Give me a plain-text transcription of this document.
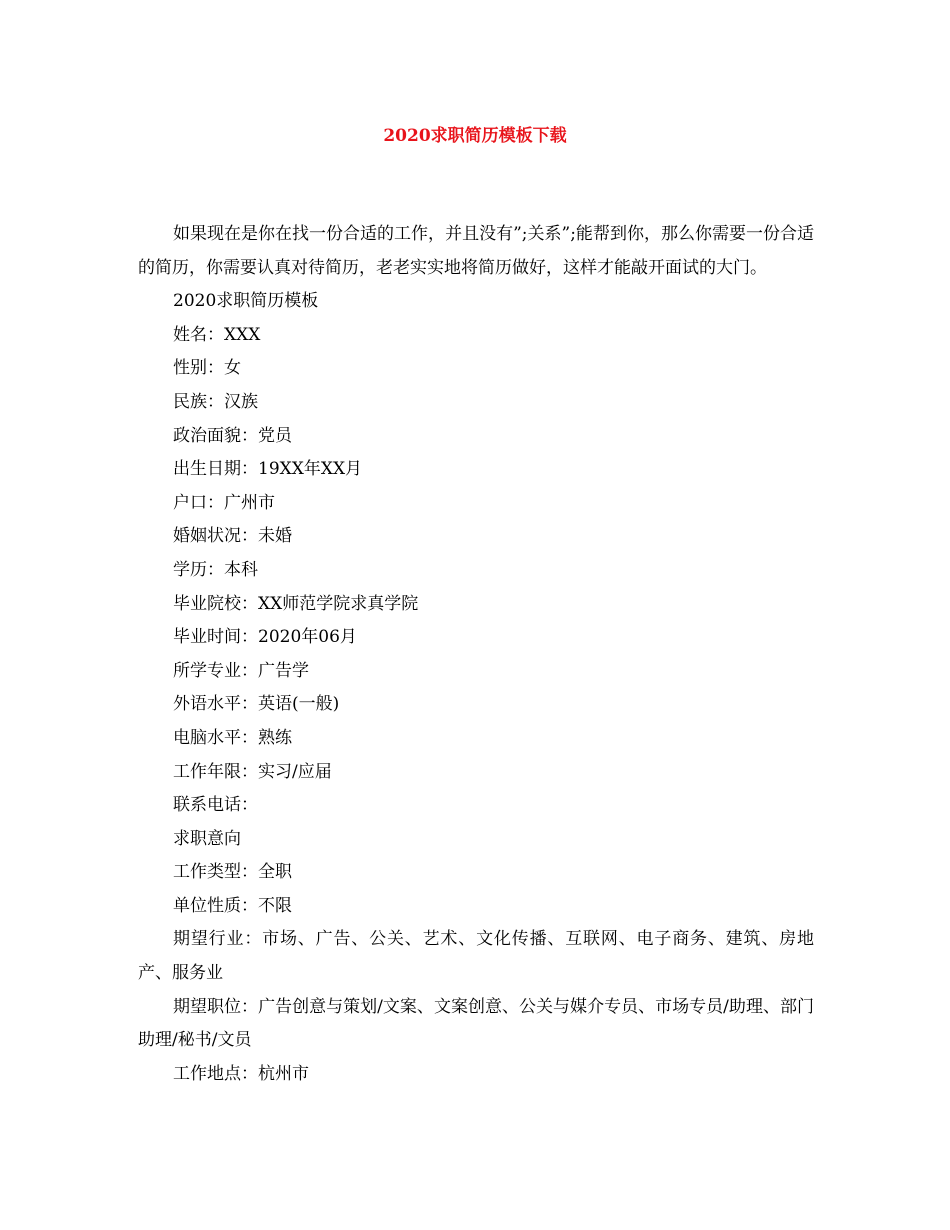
2020求职简历模板下载

如果现在是你在找一份合适的工作，并且没有”;关系”;能帮到你，那么你需要一份合适的简历，你需要认真对待简历，老老实实地将简历做好，这样才能敲开面试的大门。

2020求职简历模板

姓名：XXX

性别：女

民族：汉族

政治面貌：党员

出生日期：19XX年XX月

户口：广州市

婚姻状况：未婚

学历：本科

毕业院校：XX师范学院求真学院

毕业时间：2020年06月

所学专业：广告学

外语水平：英语(一般)

电脑水平：熟练

工作年限：实习/应届

联系电话：

求职意向

工作类型：全职

单位性质：不限

期望行业：市场、广告、公关、艺术、文化传播、互联网、电子商务、建筑、房地产、服务业

期望职位：广告创意与策划/文案、文案创意、公关与媒介专员、市场专员/助理、部门助理/秘书/文员

工作地点：杭州市
